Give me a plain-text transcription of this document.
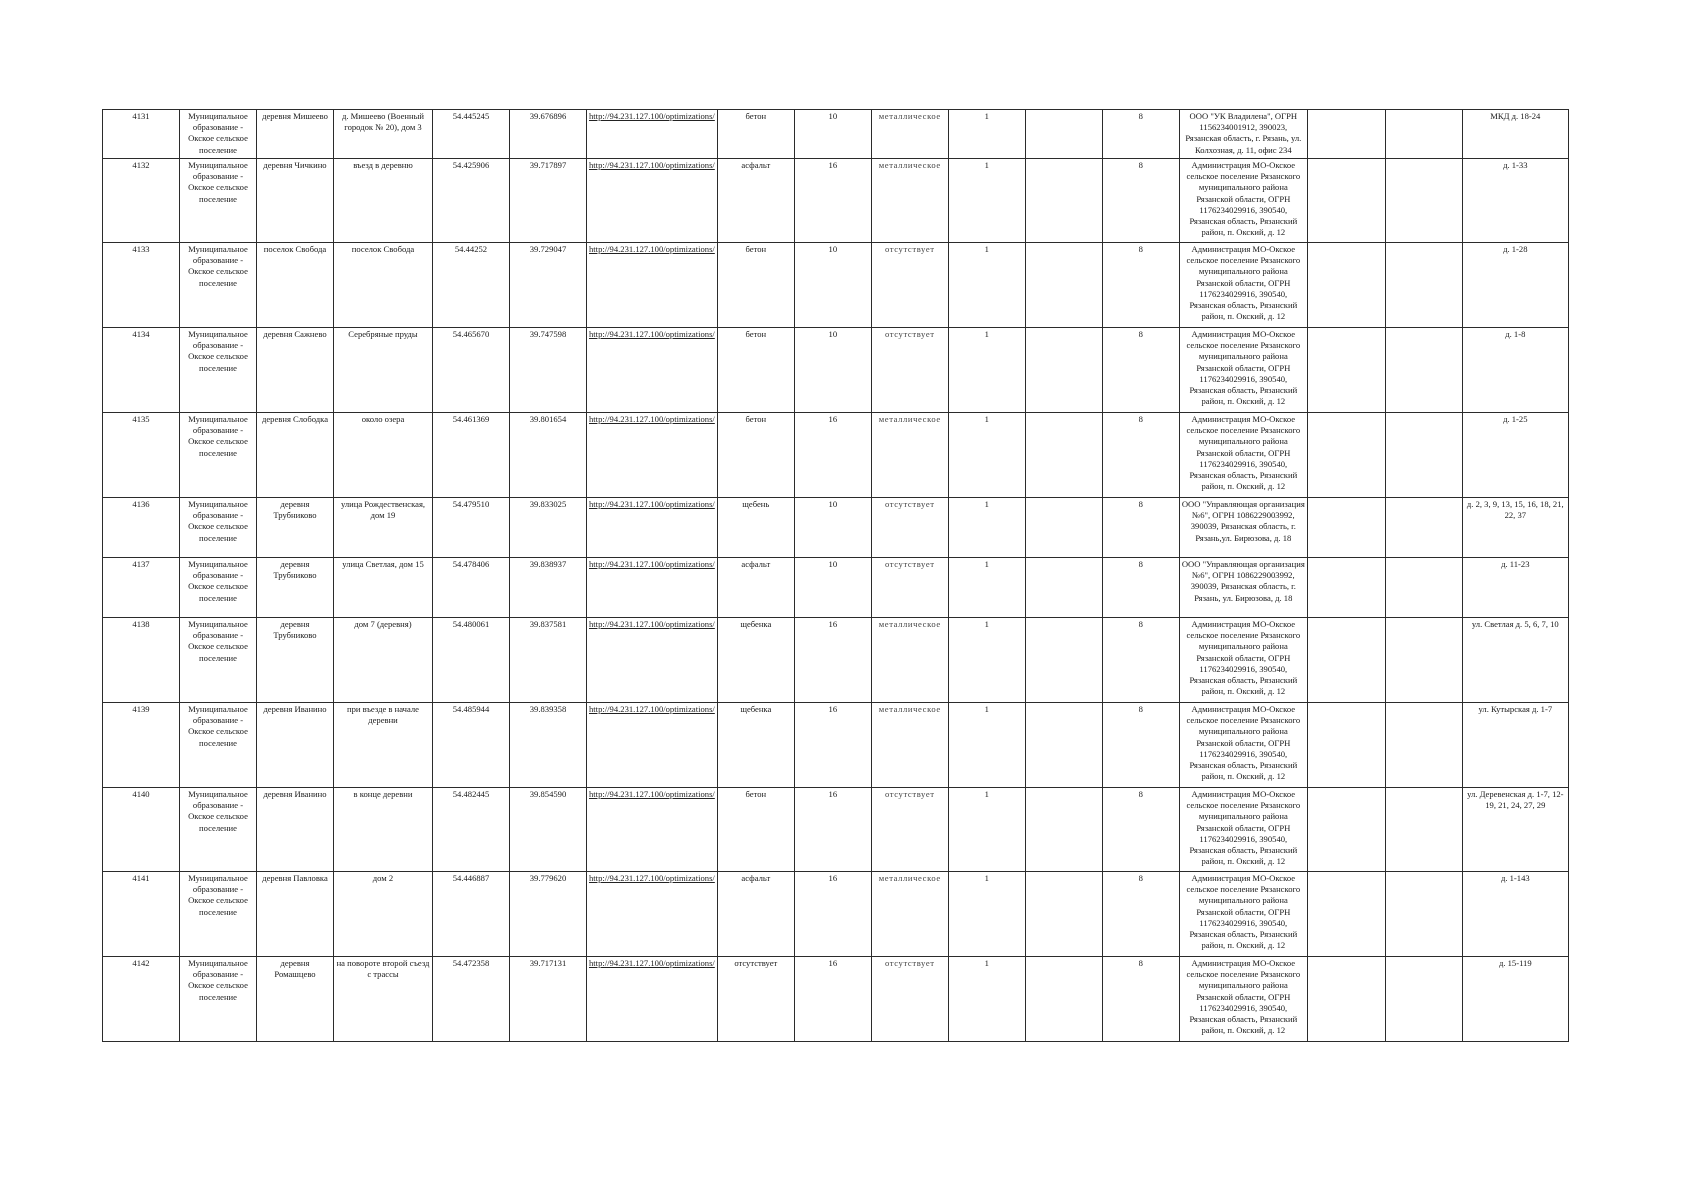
4131	Муниципальное образование - Окское сельское поселение	деревня Мишеево	д. Мишеево (Военный городок № 20), дом 3	54.445245	39.676896	http://94.231.127.100/optimizations/	бетон	10	металлическое	1		8	ООО "УК Владилена", ОГРН 1156234001912, 390023, Рязанская область, г. Рязань, ул. Колхозная, д. 11, офис 234			МКД д. 18-24
4132	Муниципальное образование - Окское сельское поселение	деревня Чичкино	въезд в деревню	54.425906	39.717897	http://94.231.127.100/optimizations/	асфальт	16	металлическое	1		8	Администрация МО-Окское сельское поселение Рязанского муниципального района Рязанской области, ОГРН 1176234029916, 390540, Рязанская область, Рязанский район, п. Окский, д. 12			д. 1-33
4133	Муниципальное образование - Окское сельское поселение	поселок Свобода	поселок Свобода	54.44252	39.729047	http://94.231.127.100/optimizations/	бетон	10	отсутствует	1		8	Администрация МО-Окское сельское поселение Рязанского муниципального района Рязанской области, ОГРН 1176234029916, 390540, Рязанская область, Рязанский район, п. Окский, д. 12			д. 1-28
4134	Муниципальное образование - Окское сельское поселение	деревня Сажнево	Серебряные пруды	54.465670	39.747598	http://94.231.127.100/optimizations/	бетон	10	отсутствует	1		8	Администрация МО-Окское сельское поселение Рязанского муниципального района Рязанской области, ОГРН 1176234029916, 390540, Рязанская область, Рязанский район, п. Окский, д. 12			д. 1-8
4135	Муниципальное образование - Окское сельское поселение	деревня Слободка	около озера	54.461369	39.801654	http://94.231.127.100/optimizations/	бетон	16	металлическое	1		8	Администрация МО-Окское сельское поселение Рязанского муниципального района Рязанской области, ОГРН 1176234029916, 390540, Рязанская область, Рязанский район, п. Окский, д. 12			д. 1-25
4136	Муниципальное образование - Окское сельское поселение	деревня Трубниково	улица Рождественская, дом 19	54.479510	39.833025	http://94.231.127.100/optimizations/	щебень	10	отсутствует	1		8	ООО "Управляющая организация №6", ОГРН 1086229003992, 390039, Рязанская область, г. Рязань,ул. Бирюзова, д. 18			д. 2, 3, 9, 13, 15, 16, 18, 21, 22, 37
4137	Муниципальное образование - Окское сельское поселение	деревня Трубниково	улица Светлая, дом 15	54.478406	39.838937	http://94.231.127.100/optimizations/	асфальт	10	отсутствует	1		8	ООО "Управляющая организация №6", ОГРН 1086229003992, 390039, Рязанская область, г. Рязань, ул. Бирюзова, д. 18			д. 11-23
4138	Муниципальное образование - Окское сельское поселение	деревня Трубниково	дом 7 (деревня)	54.480061	39.837581	http://94.231.127.100/optimizations/	щебенка	16	металлическое	1		8	Администрация МО-Окское сельское поселение Рязанского муниципального района Рязанской области, ОГРН 1176234029916, 390540, Рязанская область, Рязанский район, п. Окский, д. 12			ул. Светлая д. 5, 6, 7, 10
4139	Муниципальное образование - Окское сельское поселение	деревня Иванино	при въезде в начале деревни	54.485944	39.839358	http://94.231.127.100/optimizations/	щебенка	16	металлическое	1		8	Администрация МО-Окское сельское поселение Рязанского муниципального района Рязанской области, ОГРН 1176234029916, 390540, Рязанская область, Рязанский район, п. Окский, д. 12			ул. Кутырская д. 1-7
4140	Муниципальное образование - Окское сельское поселение	деревня Иванино	в конце деревни	54.482445	39.854590	http://94.231.127.100/optimizations/	бетон	16	отсутствует	1		8	Администрация МО-Окское сельское поселение Рязанского муниципального района Рязанской области, ОГРН 1176234029916, 390540, Рязанская область, Рязанский район, п. Окский, д. 12			ул. Деревенская д. 1-7, 12-19, 21, 24, 27, 29
4141	Муниципальное образование - Окское сельское поселение	деревня Павловка	дом 2	54.446887	39.779620	http://94.231.127.100/optimizations/	асфальт	16	металлическое	1		8	Администрация МО-Окское сельское поселение Рязанского муниципального района Рязанской области, ОГРН 1176234029916, 390540, Рязанская область, Рязанский район, п. Окский, д. 12			д. 1-143
4142	Муниципальное образование - Окское сельское поселение	деревня Ромашцево	на повороте второй съезд с трассы	54.472358	39.717131	http://94.231.127.100/optimizations/	отсутствует	16	отсутствует	1		8	Администрация МО-Окское сельское поселение Рязанского муниципального района Рязанской области, ОГРН 1176234029916, 390540, Рязанская область, Рязанский район, п. Окский, д. 12			д. 15-119
